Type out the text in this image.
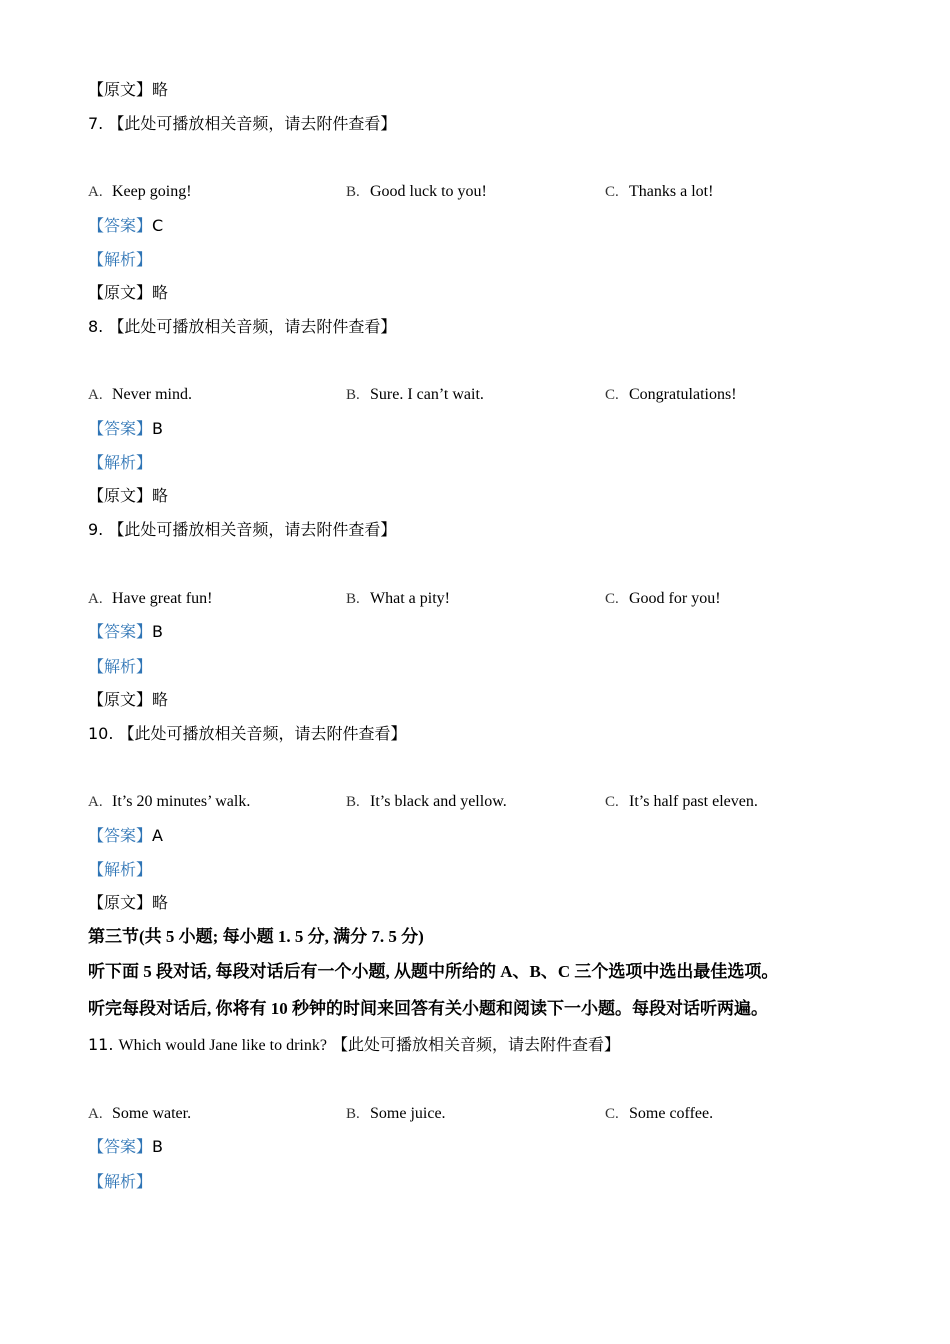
【原文】略
7. 【此处可播放相关音频，请去附件查看】
A. Keep going!	B. Good luck to you!	C. Thanks a lot!
【答案】C
【解析】
【原文】略
8. 【此处可播放相关音频，请去附件查看】
A. Never mind.	B. Sure. I can’t wait.	C. Congratulations!
【答案】B
【解析】
【原文】略
9. 【此处可播放相关音频，请去附件查看】
A. Have great fun!	B. What a pity!	C. Good for you!
【答案】B
【解析】
【原文】略
10. 【此处可播放相关音频，请去附件查看】
A. It’s 20 minutes’ walk.	B. It’s black and yellow.	C. It’s half past eleven.
【答案】A
【解析】
【原文】略
第三节(共 5 小题; 每小题 1. 5 分, 满分 7. 5 分)
听下面 5 段对话, 每段对话后有一个小题, 从题中所给的 A、B、C 三个选项中选出最佳选项。
听完每段对话后, 你将有 10 秒钟的时间来回答有关小题和阅读下一小题。每段对话听两遍。
11. Which would Jane like to drink? 【此处可播放相关音频，请去附件查看】
A. Some water.	B. Some juice.	C. Some coffee.
【答案】B
【解析】
